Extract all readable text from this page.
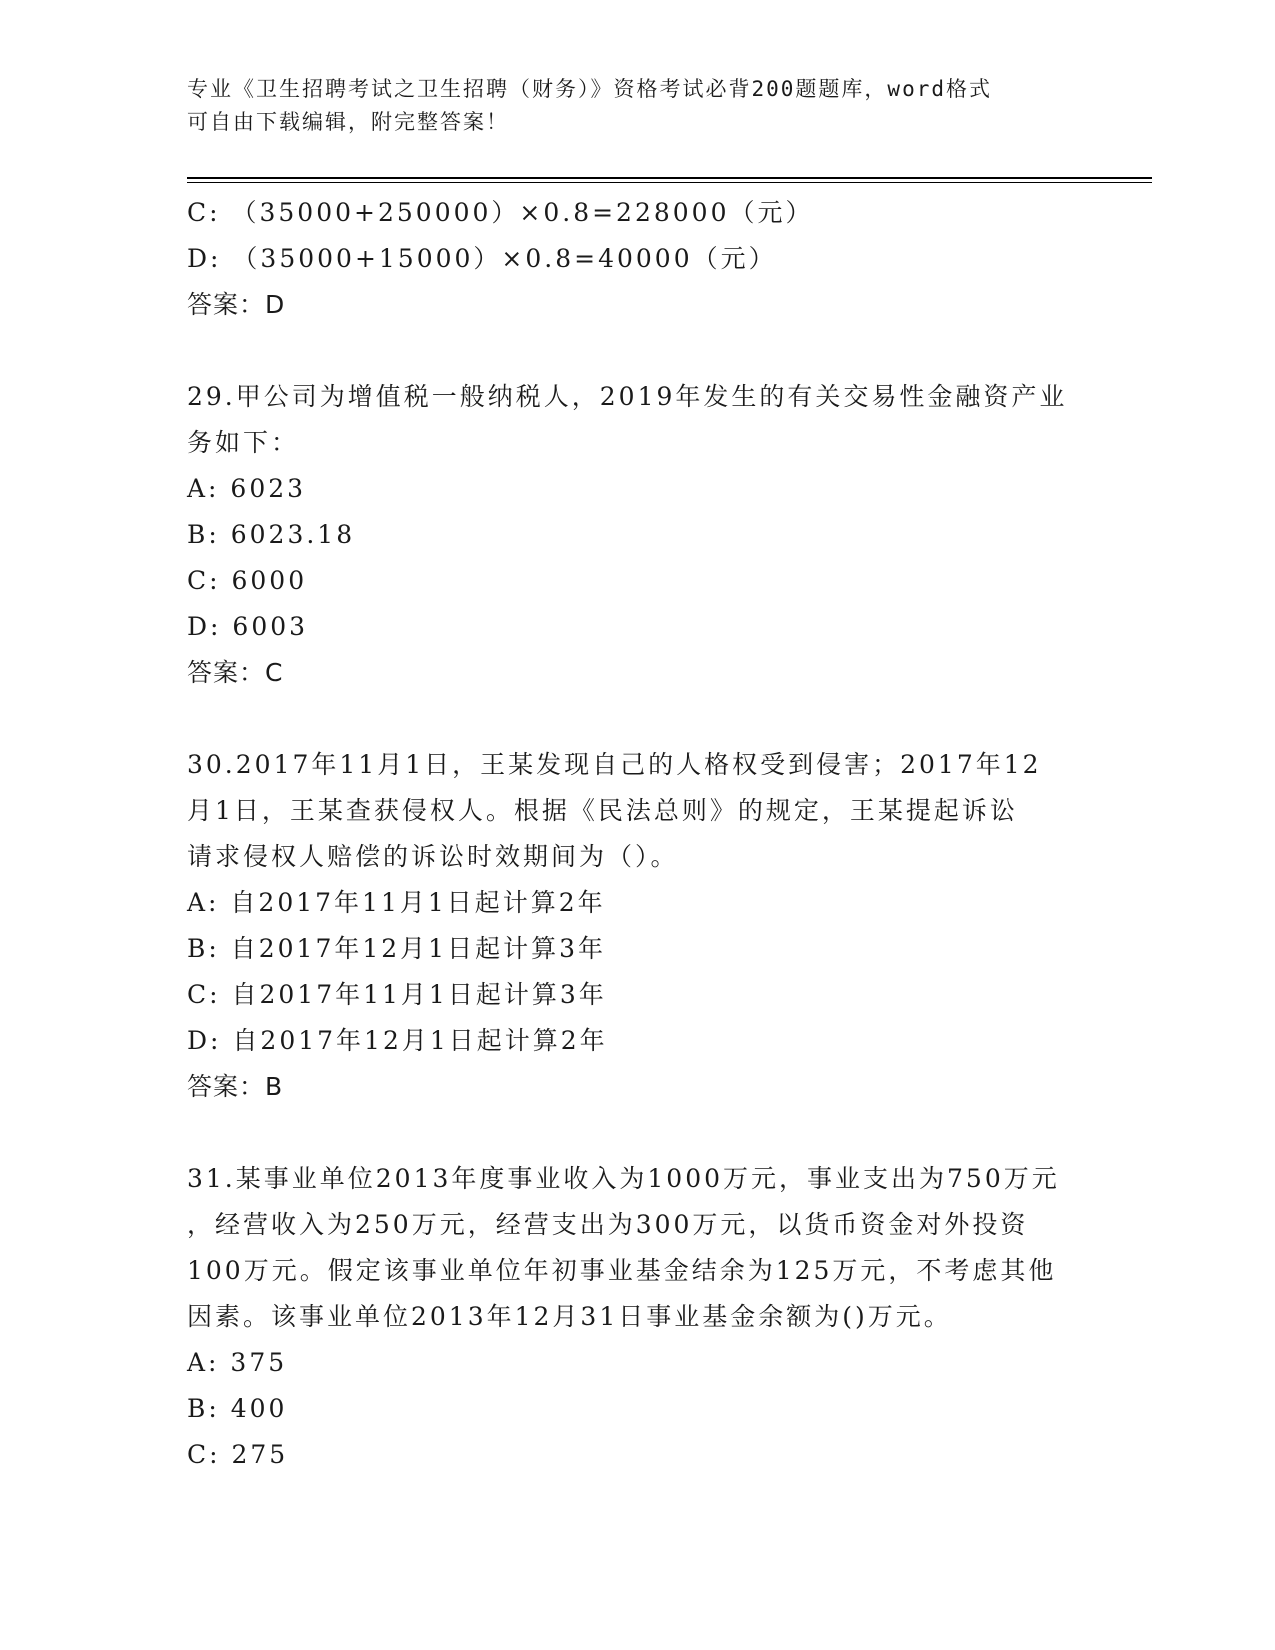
专业《卫生招聘考试之卫生招聘（财务）》资格考试必背200题题库，word格式
可自由下载编辑，附完整答案！
C: （35000+250000）×0.8=228000（元）
D: （35000+15000）×0.8=40000（元）
答案：D
29.甲公司为增值税一般纳税人，2019年发生的有关交易性金融资产业
务如下：
A: 6023
B: 6023.18
C: 6000
D: 6003
答案：C
30.2017年11月1日，王某发现自己的人格权受到侵害；2017年12
月1日，王某查获侵权人。根据《民法总则》的规定，王某提起诉讼
请求侵权人赔偿的诉讼时效期间为（）。
A: 自2017年11月1日起计算2年
B: 自2017年12月1日起计算3年
C: 自2017年11月1日起计算3年
D: 自2017年12月1日起计算2年
答案：B
31.某事业单位2013年度事业收入为1000万元，事业支出为750万元
，经营收入为250万元，经营支出为300万元，以货币资金对外投资
100万元。假定该事业单位年初事业基金结余为125万元，不考虑其他
因素。该事业单位2013年12月31日事业基金余额为()万元。
A: 375
B: 400
C: 275
